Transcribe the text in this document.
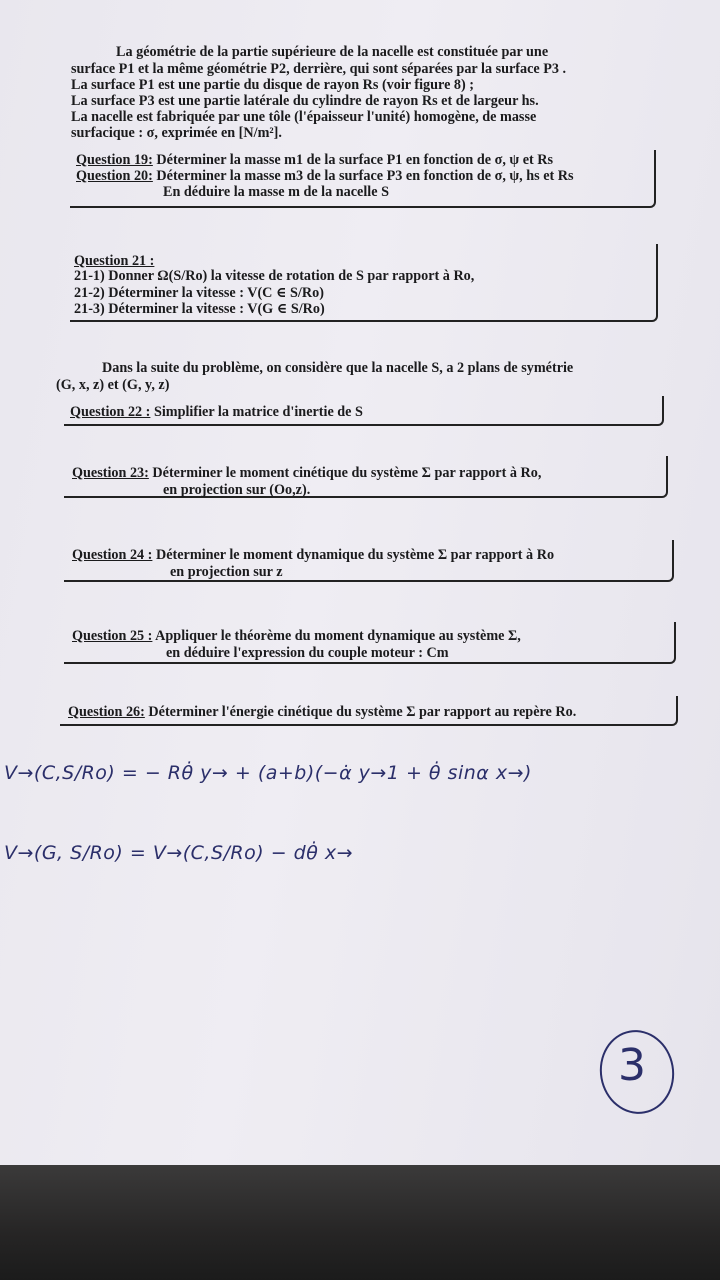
La géométrie de la partie supérieure de la nacelle est constituée par une
surface P1 et la même géométrie P2, derrière, qui sont séparées par la surface P3 .
La surface P1 est une partie du disque de rayon Rs (voir figure 8) ;
La surface P3 est une partie latérale du cylindre de rayon Rs et de largeur hs.
La nacelle est fabriquée par une tôle (l'épaisseur l'unité) homogène, de masse
surfacique : σ, exprimée en [N/m²].
Question 19: Déterminer la masse m1 de la surface P1 en fonction de σ, ψ et Rs
Question 20: Déterminer la masse m3 de la surface P3 en fonction de σ, ψ, hs et Rs
En déduire la masse m de la nacelle S
Question 21 :
21-1) Donner Ω(S/Ro) la vitesse de rotation de S par rapport à Ro,
21-2) Déterminer la vitesse : V(C ∈ S/Ro)
21-3) Déterminer la vitesse : V(G ∈ S/Ro)
Dans la suite du problème, on considère que la nacelle S, a 2 plans de symétrie
(G, x, z) et (G, y, z)
Question 22 : Simplifier la matrice d'inertie de S
Question 23: Déterminer le moment cinétique du système Σ par rapport à Ro,
en projection sur (Oo,z).
Question 24 : Déterminer le moment dynamique du système Σ par rapport à Ro
en projection sur z
Question 25 : Appliquer le théorème du moment dynamique au système Σ,
en déduire l'expression du couple moteur : Cm
Question 26: Déterminer l'énergie cinétique du système Σ par rapport au repère Ro.
V→(C,S/Ro) = − Rθ̇ y→ + (a+b)(−α̇ y→1 + θ̇ sinα x→)
V→(G, S/Ro) = V→(C,S/Ro) − dθ̇ x→
3
